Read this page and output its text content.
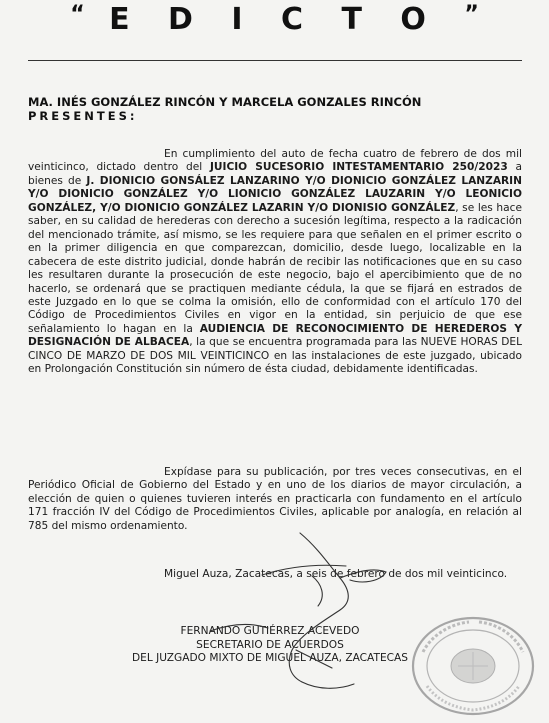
“ E D I C T O ”
MA. INÉS GONZÁLEZ RINCÓN Y MARCELA GONZALES RINCÓN
PRESENTES:

En cumplimiento del auto de fecha cuatro de febrero de dos mil veinticinco, dictado dentro del JUICIO SUCESORIO INTESTAMENTARIO 250/2023 a bienes de J. DIONICIO GONSÁLEZ LANZARINO Y/O DIONICIO GONZÁLEZ LANZARIN Y/O DIONICIO GONZÁLEZ Y/O LIONICIO GONZÁLEZ LAUZARIN Y/O LEONICIO GONZÁLEZ, Y/O DIONICIO GONZÁLEZ LAZARIN Y/O DIONISIO GONZÁLEZ, se les hace saber, en su calidad de herederas con derecho a sucesión legítima, respecto a la radicación del mencionado trámite, así mismo, se les requiere para que señalen en el primer escrito o en la primer diligencia en que comparezcan, domicilio, desde luego, localizable en la cabecera de este distrito judicial, donde habrán de recibir las notificaciones que en su caso les resultaren durante la prosecución de este negocio, bajo el apercibimiento que de no hacerlo, se ordenará que se practiquen mediante cédula, la que se fijará en estrados de este Juzgado en lo que se colma la omisión, ello de conformidad con el artículo 170 del Código de Procedimientos Civiles en vigor en la entidad, sin perjuicio de que ese señalamiento lo hagan en la AUDIENCIA DE RECONOCIMIENTO DE HEREDEROS Y DESIGNACIÓN DE ALBACEA, la que se encuentra programada para las NUEVE HORAS DEL CINCO DE MARZO DE DOS MIL VEINTICINCO en las instalaciones de este juzgado, ubicado en Prolongación Constitución sin número de ésta ciudad, debidamente identificadas.

Expídase para su publicación, por tres veces consecutivas, en el Periódico Oficial de Gobierno del Estado y en uno de los diarios de mayor circulación, a elección de quien o quienes tuvieren interés en practicarla con fundamento en el artículo 171 fracción IV del Código de Procedimientos Civiles, aplicable por analogía, en relación al 785 del mismo ordenamiento.

Miguel Auza, Zacatecas, a seis de febrero de dos mil veinticinco.

FERNANDO GUTIÉRREZ ACEVEDO
SECRETARIO DE ACUERDOS
DEL JUZGADO MIXTO DE MIGUEL AUZA, ZACATECAS
